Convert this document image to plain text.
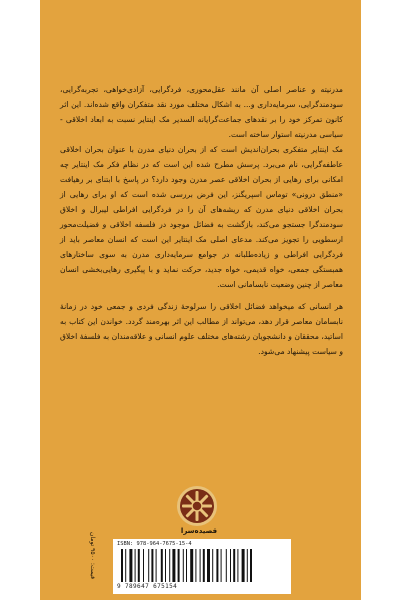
مدرنیته و عناصر اصلی آن مانند عقل‌محوری، فردگرایی، آزادی‌خواهی، تجربه‌گرایی، سودمندگرایی، سرمایه‌داری و... به اشکال مختلف مورد نقد متفکران واقع شده‌اند. این اثر کانون تمرکز خود را بر نقدهای جماعت‌گرایانه السدیر مک اینتایر نسبت به ابعاد اخلاقی - سیاسی مدرنیته استوار ساخته است.

مک اینتایر متفکری بحران‌اندیش است که از بحران دنیای مدرن با عنوان بحران اخلاقی عاطفه‌گرایی، نام می‌برد. پرسش مطرح شده این است که در نظام فکر مک اینتایر چه امکانی برای رهایی از بحران اخلاقی عصر مدرن وجود دارد؟ در پاسخ با ابتنای بر رهیافت «منطق درونی» توماس اسپریگنز، این فرض بررسی شده است که او برای رهایی از بحران اخلاقی دنیای مدرن که ریشه‌های آن را در فردگرایی افراطی لیبرال و اخلاق سودمندگرا جستجو می‌کند، بازگشت به فضائل موجود در فلسفه اخلاقی و فضیلت‌محور ارسطویی را تجویز می‌کند. مدعای اصلی مک اینتایر این است که انسان معاصر باید از فردگرایی افراطی و زیاده‌طلبانه در جوامع سرمایه‌داری مدرن به سوی ساختارهای همبستگی جمعی، خواه قدیمی، خواه جدید، حرکت نماید و با پیگیری رهایی‌بخشی انسان معاصر از چنین وضعیت نابسامانی است.

هر انسانی که میخواهد فضائل اخلاقی را سرلوحهٔ زندگی فردی و جمعی خود در زمانهٔ نابسامان معاصر قرار دهد، می‌تواند از مطالب این اثر بهره‌مند گردد. خواندن این کتاب به اساتید، محققان و دانشجویان رشته‌های مختلف علوم انسانی و علاقه‌مندان به فلسفهٔ اخلاق و سیاست پیشنهاد می‌شود.

قصیده‌سرا
قیمت: ۹۵۰۰ تومان
ISBN: 978-964-7675-15-4
9 789647 675154
